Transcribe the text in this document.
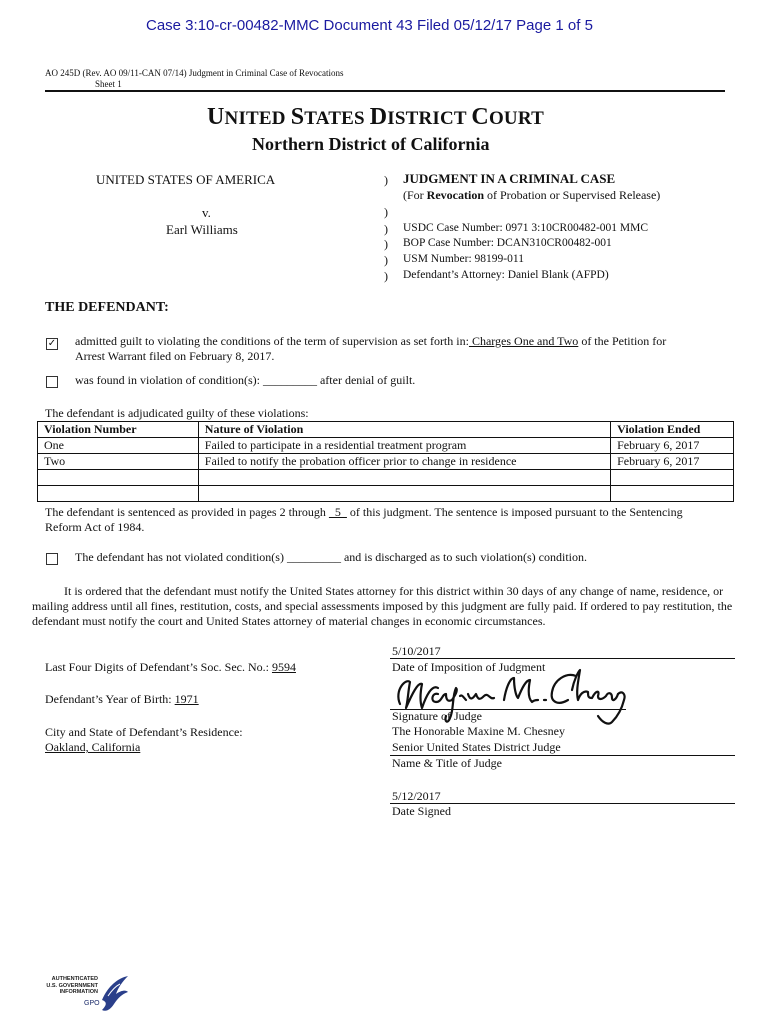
Case 3:10-cr-00482-MMC Document 43 Filed 05/12/17 Page 1 of 5
AO 245D (Rev. AO 09/11-CAN 07/14) Judgment in Criminal Case of Revocations
Sheet 1
UNITED STATES DISTRICT COURT
Northern District of California
UNITED STATES OF AMERICA
v.
Earl Williams
)
)
)
)
)
)
JUDGMENT IN A CRIMINAL CASE
(For Revocation of Probation or Supervised Release)
USDC Case Number: 0971 3:10CR00482-001 MMC
BOP Case Number: DCAN310CR00482-001
USM Number: 98199-011
Defendant’s Attorney: Daniel Blank (AFPD)
THE DEFENDANT:
✓ admitted guilt to violating the conditions of the term of supervision as set forth in: Charges One and Two of the Petition for
Arrest Warrant filed on February 8, 2017.
was found in violation of condition(s): _________ after denial of guilt.
The defendant is adjudicated guilty of these violations:
Violation Number	Nature of Violation	Violation Ended
One	Failed to participate in a residential treatment program	February 6, 2017
Two	Failed to notify the probation officer prior to change in residence	February 6, 2017

The defendant is sentenced as provided in pages 2 through   5   of this judgment. The sentence is imposed pursuant to the Sentencing
Reform Act of 1984.
The defendant has not violated condition(s) _________ and is discharged as to such violation(s) condition.
It is ordered that the defendant must notify the United States attorney for this district within 30 days of any change of name, residence, or mailing address until all fines, restitution, costs, and special assessments imposed by this judgment are fully paid. If ordered to pay restitution, the defendant must notify the court and United States attorney of material changes in economic circumstances.
Last Four Digits of Defendant’s Soc. Sec. No.: 9594
Defendant’s Year of Birth: 1971
City and State of Defendant’s Residence:
Oakland, California
5/10/2017
Date of Imposition of Judgment
Signature of Judge
The Honorable Maxine M. Chesney
Senior United States District Judge
Name & Title of Judge
5/12/2017
Date Signed
AUTHENTICATED
U.S. GOVERNMENT
INFORMATION
GPO
